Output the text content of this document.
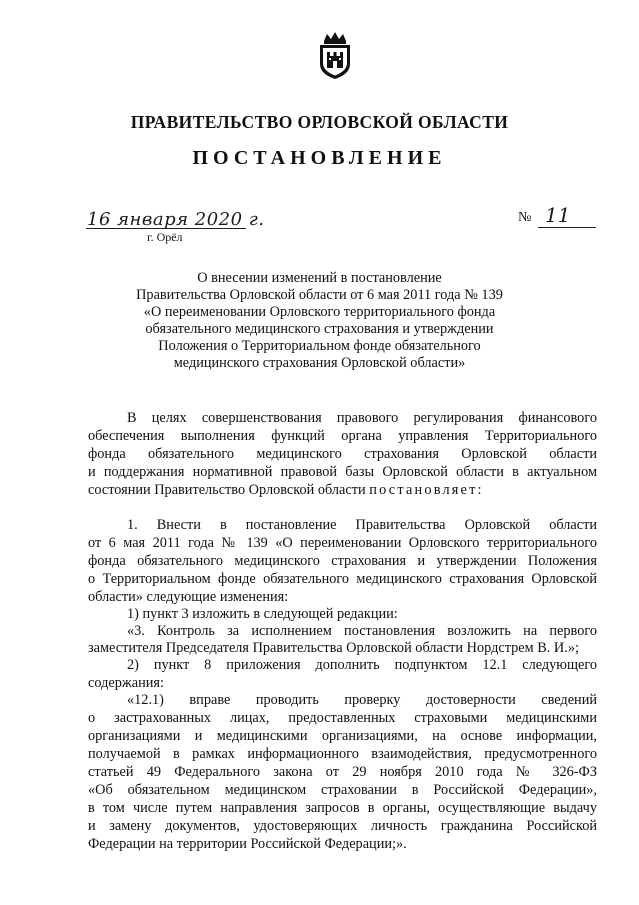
ПРАВИТЕЛЬСТВО ОРЛОВСКОЙ ОБЛАСТИ
ПОСТАНОВЛЕНИЕ
16 января 2020 г.
г. Орёл
№ 11
О внесении изменений в постановление
Правительства Орловской области от 6 мая 2011 года № 139
«О переименовании Орловского территориального фонда
обязательного медицинского страхования и утверждении
Положения о Территориальном фонде обязательного
медицинского страхования Орловской области»
В целях совершенствования правового регулирования финансового
обеспечения выполнения функций органа управления Территориального
фонда обязательного медицинского страхования Орловской области
и поддержания нормативной правовой базы Орловской области в актуальном
состоянии Правительство Орловской области постановляет:
1. Внести в постановление Правительства Орловской области
от 6 мая 2011 года № 139 «О переименовании Орловского территориального
фонда обязательного медицинского страхования и утверждении Положения
о Территориальном фонде обязательного медицинского страхования Орловской
области» следующие изменения:
1) пункт 3 изложить в следующей редакции:
«3. Контроль за исполнением постановления возложить на первого
заместителя Председателя Правительства Орловской области Нордстрем В. И.»;
2) пункт 8 приложения дополнить подпунктом 12.1 следующего
содержания:
«12.1) вправе проводить проверку достоверности сведений
о застрахованных лицах, предоставленных страховыми медицинскими
организациями и медицинскими организациями, на основе информации,
получаемой в рамках информационного взаимодействия, предусмотренного
статьей 49 Федерального закона от 29 ноября 2010 года № 326-ФЗ
«Об обязательном медицинском страховании в Российской Федерации»,
в том числе путем направления запросов в органы, осуществляющие выдачу
и замену документов, удостоверяющих личность гражданина Российской
Федерации на территории Российской Федерации;».
